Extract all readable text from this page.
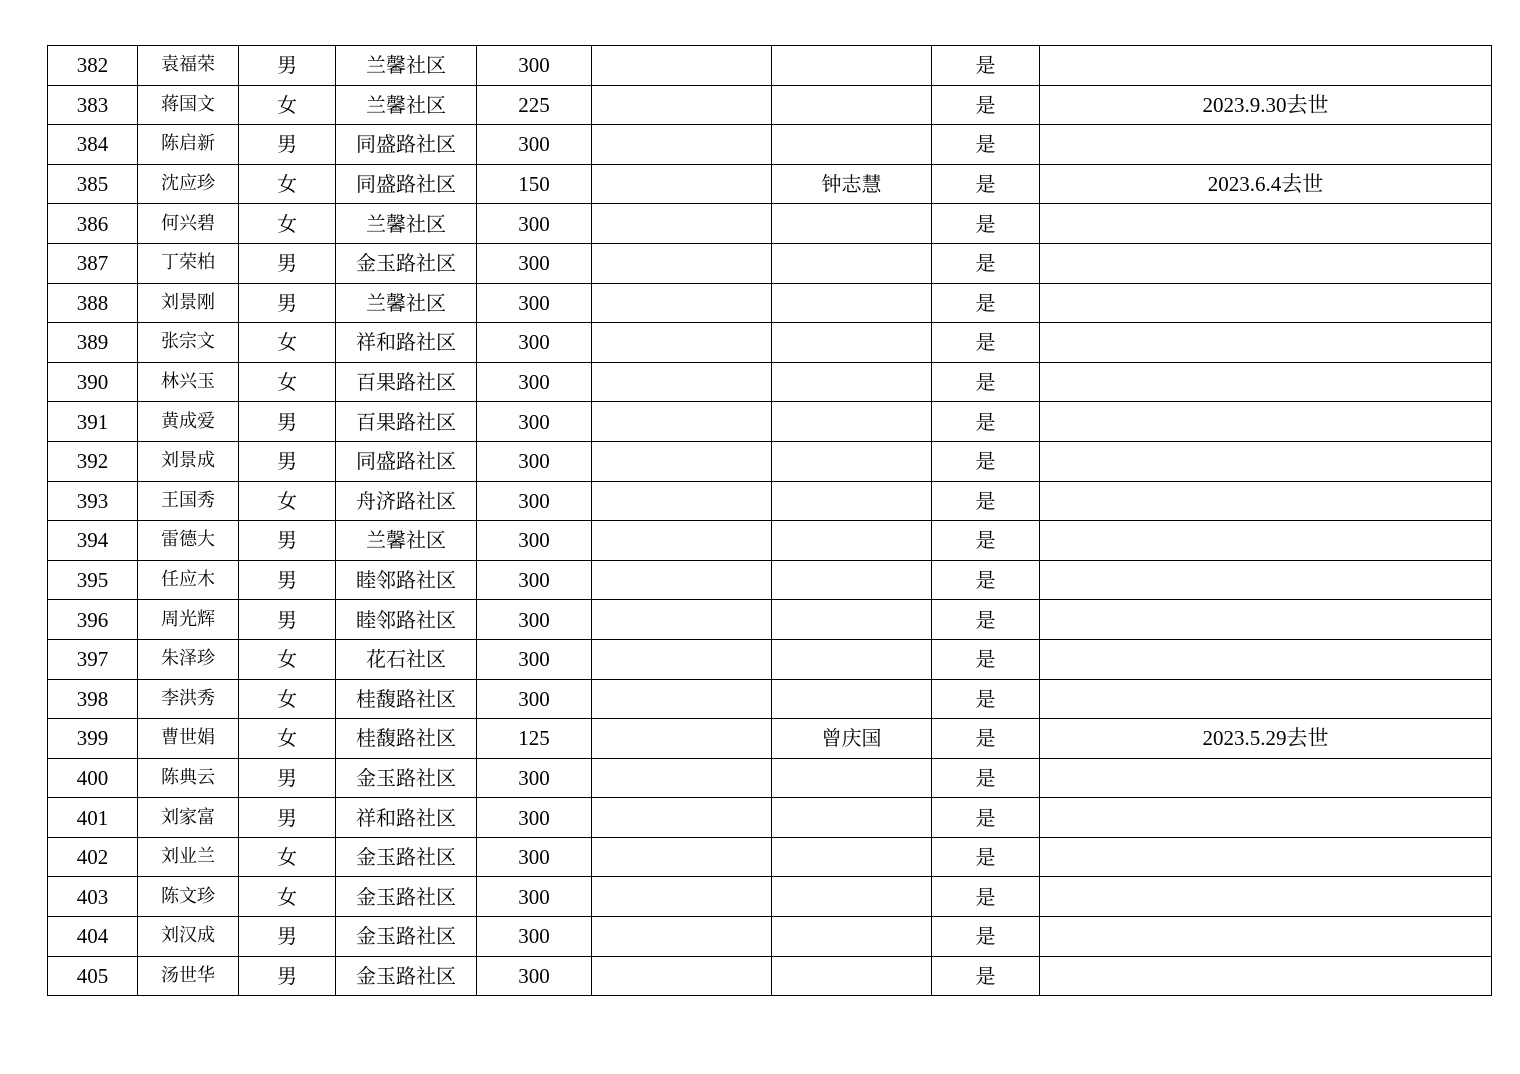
382	袁福荣	男	兰馨社区	300			是	
383	蒋国文	女	兰馨社区	225			是	2023.9.30去世
384	陈启新	男	同盛路社区	300			是	
385	沈应珍	女	同盛路社区	150		钟志慧	是	2023.6.4去世
386	何兴碧	女	兰馨社区	300			是	
387	丁荣柏	男	金玉路社区	300			是	
388	刘景刚	男	兰馨社区	300			是	
389	张宗文	女	祥和路社区	300			是	
390	林兴玉	女	百果路社区	300			是	
391	黄成爱	男	百果路社区	300			是	
392	刘景成	男	同盛路社区	300			是	
393	王国秀	女	舟济路社区	300			是	
394	雷德大	男	兰馨社区	300			是	
395	任应木	男	睦邻路社区	300			是	
396	周光辉	男	睦邻路社区	300			是	
397	朱泽珍	女	花石社区	300			是	
398	李洪秀	女	桂馥路社区	300			是	
399	曹世娟	女	桂馥路社区	125		曾庆国	是	2023.5.29去世
400	陈典云	男	金玉路社区	300			是	
401	刘家富	男	祥和路社区	300			是	
402	刘业兰	女	金玉路社区	300			是	
403	陈文珍	女	金玉路社区	300			是	
404	刘汉成	男	金玉路社区	300			是	
405	汤世华	男	金玉路社区	300			是	
